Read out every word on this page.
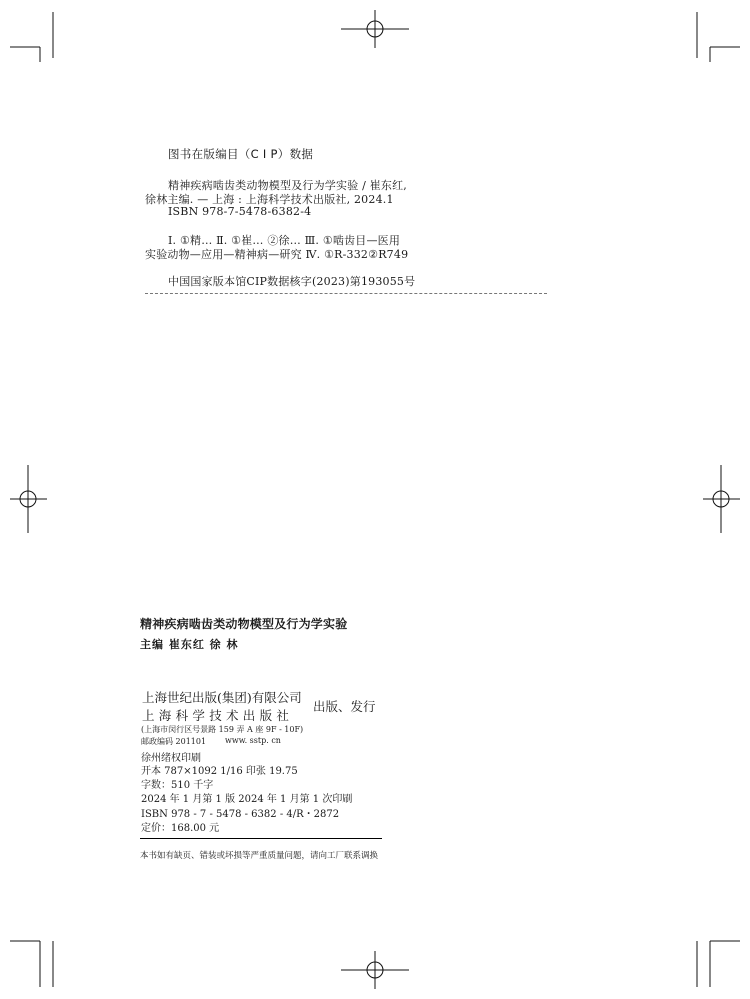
图书在版编目（C I P）数据
精神疾病啮齿类动物模型及行为学实验 / 崔东红,
徐林主编. — 上海 : 上海科学技术出版社, 2024.1
ISBN 978-7-5478-6382-4
Ⅰ. ①精… Ⅱ. ①崔… ②徐… Ⅲ. ①啮齿目—医用
实验动物—应用—精神病—研究 Ⅳ. ①R-332②R749
中国国家版本馆CIP数据核字(2023)第193055号
精神疾病啮齿类动物模型及行为学实验
主编 崔东红 徐 林
上海世纪出版(集团)有限公司
上海科学技术出版社
出版、发行
(上海市闵行区号景路 159 弄 A 座 9F - 10F)
邮政编码 201101 www. sstp. cn
徐州绪权印刷
开本 787×1092 1/16 印张 19.75
字数：510 千字
2024 年 1 月第 1 版 2024 年 1 月第 1 次印刷
ISBN 978 - 7 - 5478 - 6382 - 4/R・2872
定价：168.00 元
本书如有缺页、错装或坏损等严重质量问题，请向工厂联系调换
